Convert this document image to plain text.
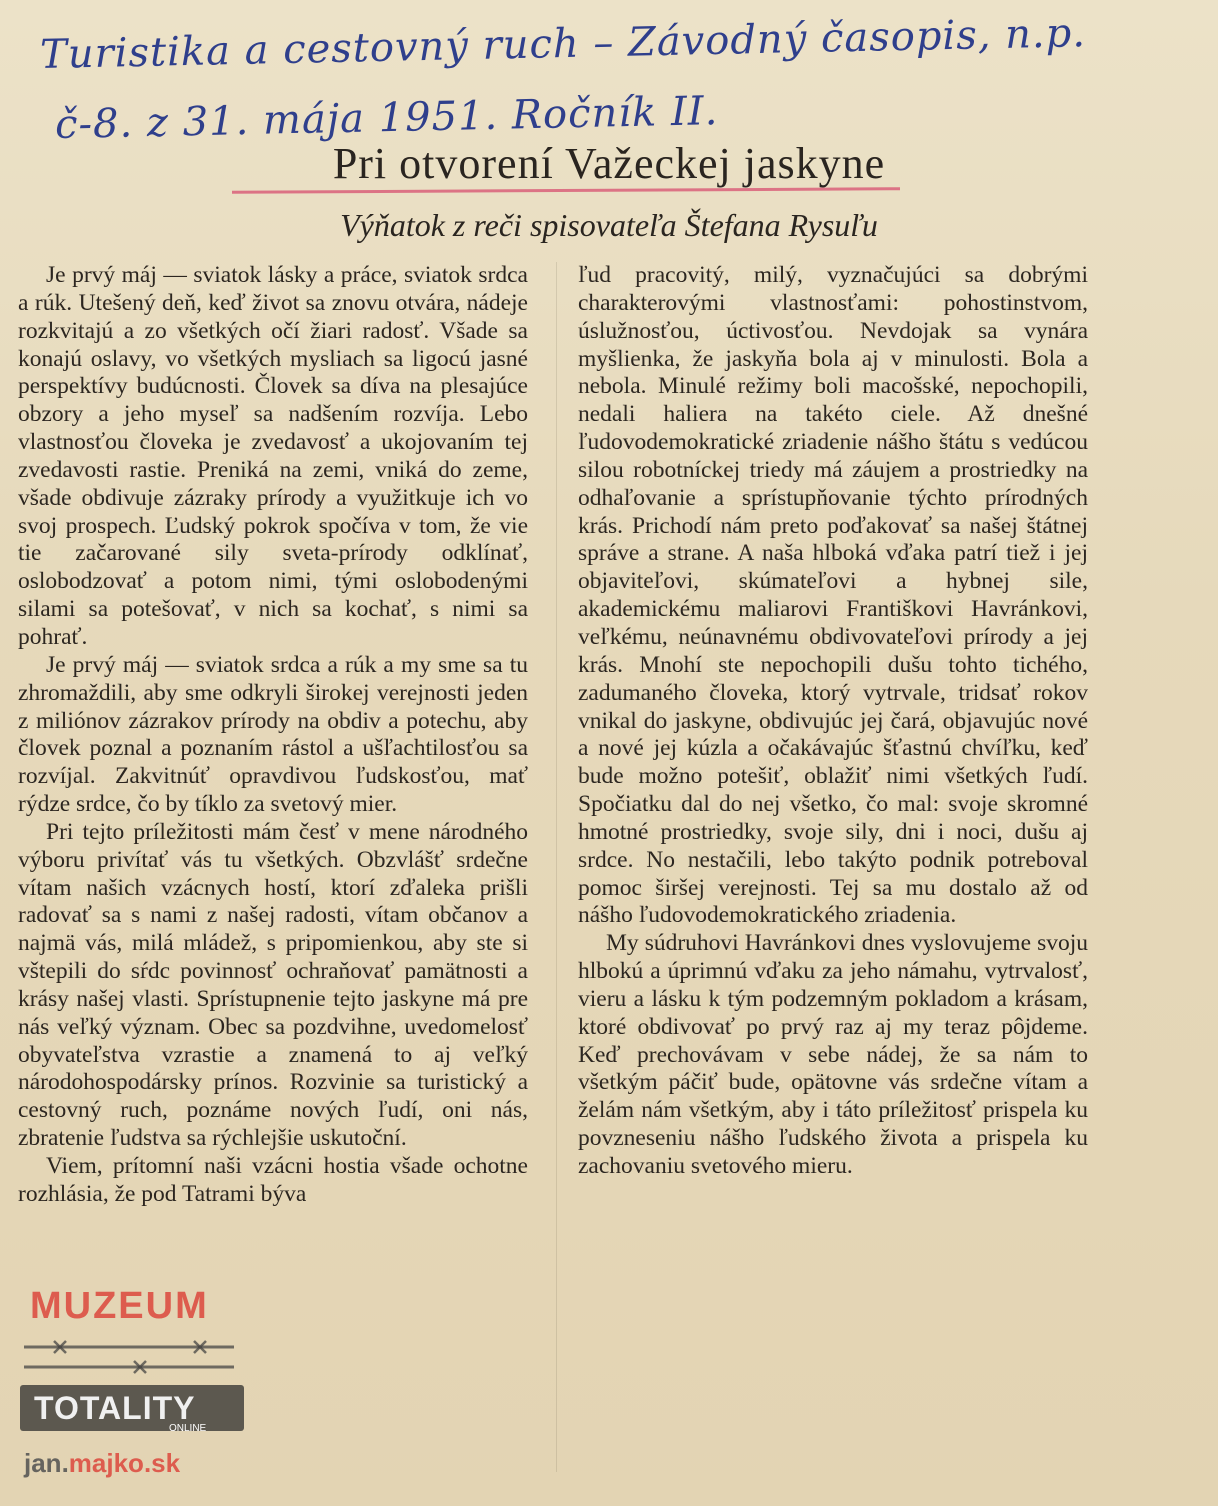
Turistika a cestovný ruch – Závodný časopis, n.p.
č-8. z 31. mája 1951. Ročník II.
Pri otvorení Važeckej jaskyne
Výňatok z reči spisovateľa Štefana Rysuľu

Je prvý máj — sviatok lásky a práce, sviatok srdca a rúk. Utešený deň, keď život sa znovu otvára, nádeje rozkvitajú a zo všetkých očí žiari radosť. Všade sa konajú oslavy, vo všetkých mysliach sa ligocú jasné perspektívy budúcnosti. Človek sa díva na plesajúce obzory a jeho myseľ sa nadšením rozvíja. Lebo vlastnosťou človeka je zvedavosť a ukojovaním tej zvedavosti rastie. Preniká na zemi, vniká do zeme, všade obdivuje zázraky prírody a využitkuje ich vo svoj prospech. Ľudský pokrok spočíva v tom, že vie tie začarované sily sveta-prírody odklínať, oslobodzovať a potom nimi, tými oslobodenými silami sa potešovať, v nich sa kochať, s nimi sa pohrať.

Je prvý máj — sviatok srdca a rúk a my sme sa tu zhromaždili, aby sme odkryli širokej verejnosti jeden z miliónov zázrakov prírody na obdiv a potechu, aby človek poznal a poznaním rástol a ušľachtilosťou sa rozvíjal. Zakvitnúť opravdivou ľudskosťou, mať rýdze srdce, čo by tíklo za svetový mier.

Pri tejto príležitosti mám česť v mene národného výboru privítať vás tu všetkých. Obzvlášť srdečne vítam našich vzácnych hostí, ktorí zďaleka prišli radovať sa s nami z našej radosti, vítam občanov a najmä vás, milá mládež, s pripomienkou, aby ste si vštepili do sŕdc povinnosť ochraňovať pamätnosti a krásy našej vlasti. Sprístupnenie tejto jaskyne má pre nás veľký význam. Obec sa pozdvihne, uvedomelosť obyvateľstva vzrastie a znamená to aj veľký národohospodársky prínos. Rozvinie sa turistický a cestovný ruch, poznáme nových ľudí, oni nás, zbratenie ľudstva sa rýchlejšie uskutoční.

Viem, prítomní naši vzácni hostia všade ochotne rozhlásia, že pod Tatrami býva

ľud pracovitý, milý, vyznačujúci sa dobrými charakterovými vlastnosťami: pohostinstvom, úslužnosťou, úctivosťou. Nevdojak sa vynára myšlienka, že jaskyňa bola aj v minulosti. Bola a nebola. Minulé režimy boli macošské, nepochopili, nedali haliera na takéto ciele. Až dnešné ľudovodemokratické zriadenie nášho štátu s vedúcou silou robotníckej triedy má záujem a prostriedky na odhaľovanie a sprístupňovanie týchto prírodných krás. Prichodí nám preto poďakovať sa našej štátnej správe a strane. A naša hlboká vďaka patrí tiež i jej objaviteľovi, skúmateľovi a hybnej sile, akademickému maliarovi Františkovi Havránkovi, veľkému, neúnavnému obdivovateľovi prírody a jej krás. Mnohí ste nepochopili dušu tohto tichého, zadumaného človeka, ktorý vytrvale, tridsať rokov vnikal do jaskyne, obdivujúc jej čará, objavujúc nové a nové jej kúzla a očakávajúc šťastnú chvíľku, keď bude možno potešiť, oblažiť nimi všetkých ľudí. Spočiatku dal do nej všetko, čo mal: svoje skromné hmotné prostriedky, svoje sily, dni i noci, dušu aj srdce. No nestačili, lebo takýto podnik potreboval pomoc širšej verejnosti. Tej sa mu dostalo až od nášho ľudovodemokratického zriadenia.

My súdruhovi Havránkovi dnes vyslovujeme svoju hlbokú a úprimnú vďaku za jeho námahu, vytrvalosť, vieru a lásku k tým podzemným pokladom a krásam, ktoré obdivovať po prvý raz aj my teraz pôjdeme. Keď prechovávam v sebe nádej, že sa nám to všetkým páčiť bude, opätovne vás srdečne vítam a želám nám všetkým, aby i táto príležitosť prispela ku povzneseniu nášho ľudského života a prispela ku zachovaniu svetového mieru.

MUZEUM
TOTALITY
ONLINE
jan.majko.sk
